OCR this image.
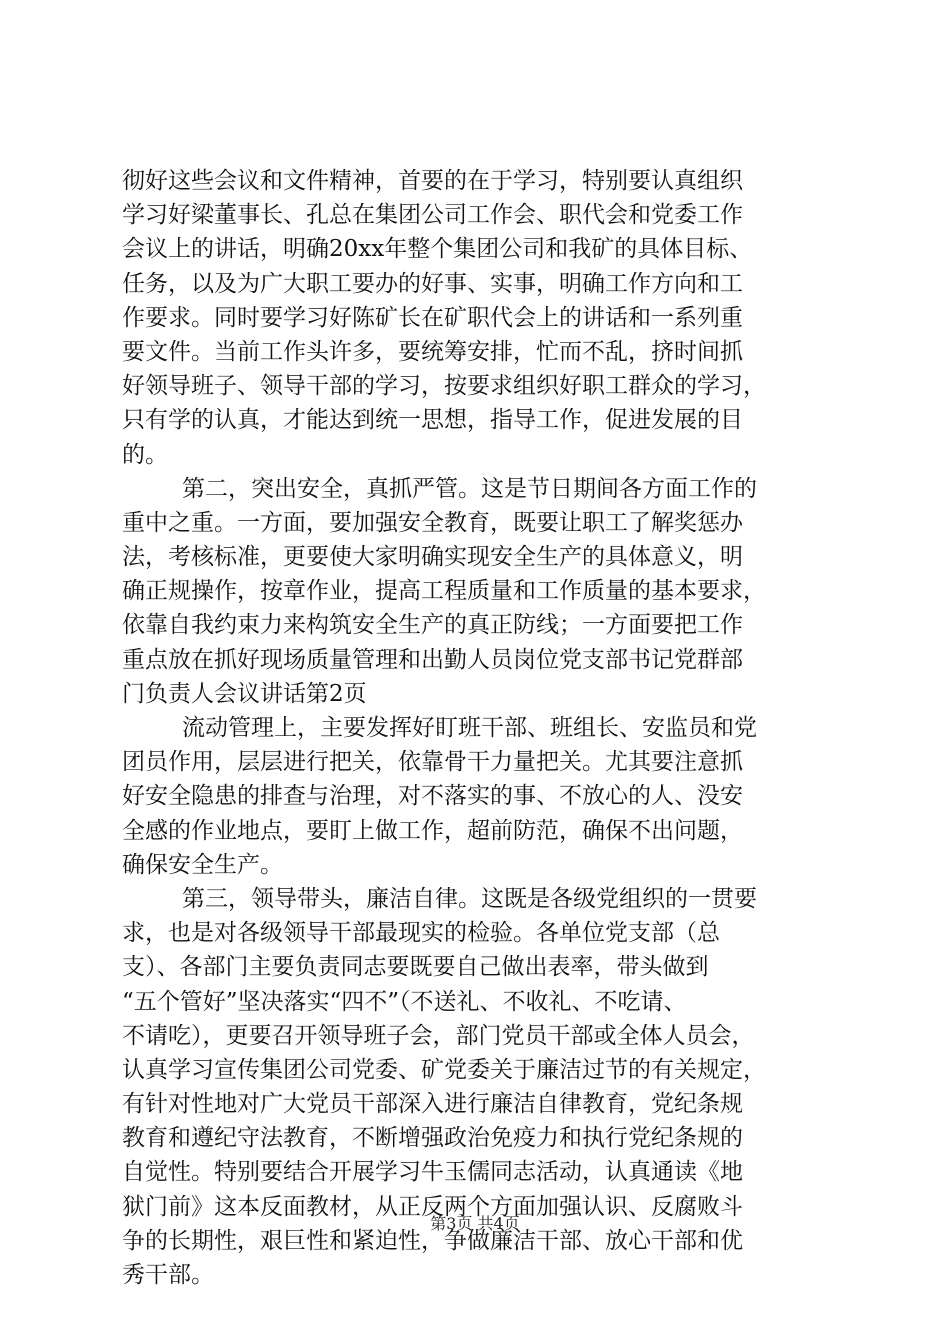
彻好这些会议和文件精神，首要的在于学习，特别要认真组织
学习好梁董事长、孔总在集团公司工作会、职代会和党委工作
会议上的讲话，明确20xx年整个集团公司和我矿的具体目标、
任务，以及为广大职工要办的好事、实事，明确工作方向和工
作要求。同时要学习好陈矿长在矿职代会上的讲话和一系列重
要文件。当前工作头许多，要统筹安排，忙而不乱，挤时间抓
好领导班子、领导干部的学习，按要求组织好职工群众的学习，
只有学的认真，才能达到统一思想，指导工作，促进发展的目
的。
第二，突出安全，真抓严管。这是节日期间各方面工作的
重中之重。一方面，要加强安全教育，既要让职工了解奖惩办
法，考核标准，更要使大家明确实现安全生产的具体意义，明
确正规操作，按章作业，提高工程质量和工作质量的基本要求，
依靠自我约束力来构筑安全生产的真正防线；一方面要把工作
重点放在抓好现场质量管理和出勤人员岗位党支部书记党群部
门负责人会议讲话第2页
流动管理上，主要发挥好盯班干部、班组长、安监员和党
团员作用，层层进行把关，依靠骨干力量把关。尤其要注意抓
好安全隐患的排查与治理，对不落实的事、不放心的人、没安
全感的作业地点，要盯上做工作，超前防范，确保不出问题，
确保安全生产。
第三，领导带头，廉洁自律。这既是各级党组织的一贯要
求，也是对各级领导干部最现实的检验。各单位党支部（总
支）、各部门主要负责同志要既要自己做出表率，带头做到
“五个管好”坚决落实“四不”（不送礼、不收礼、不吃请、
不请吃），更要召开领导班子会，部门党员干部或全体人员会，
认真学习宣传集团公司党委、矿党委关于廉洁过节的有关规定，
有针对性地对广大党员干部深入进行廉洁自律教育，党纪条规
教育和遵纪守法教育，不断增强政治免疫力和执行党纪条规的
自觉性。特别要结合开展学习牛玉儒同志活动，认真通读《地
狱门前》这本反面教材，从正反两个方面加强认识、反腐败斗
争的长期性，艰巨性和紧迫性，争做廉洁干部、放心干部和优
秀干部。
第3页 共4页
